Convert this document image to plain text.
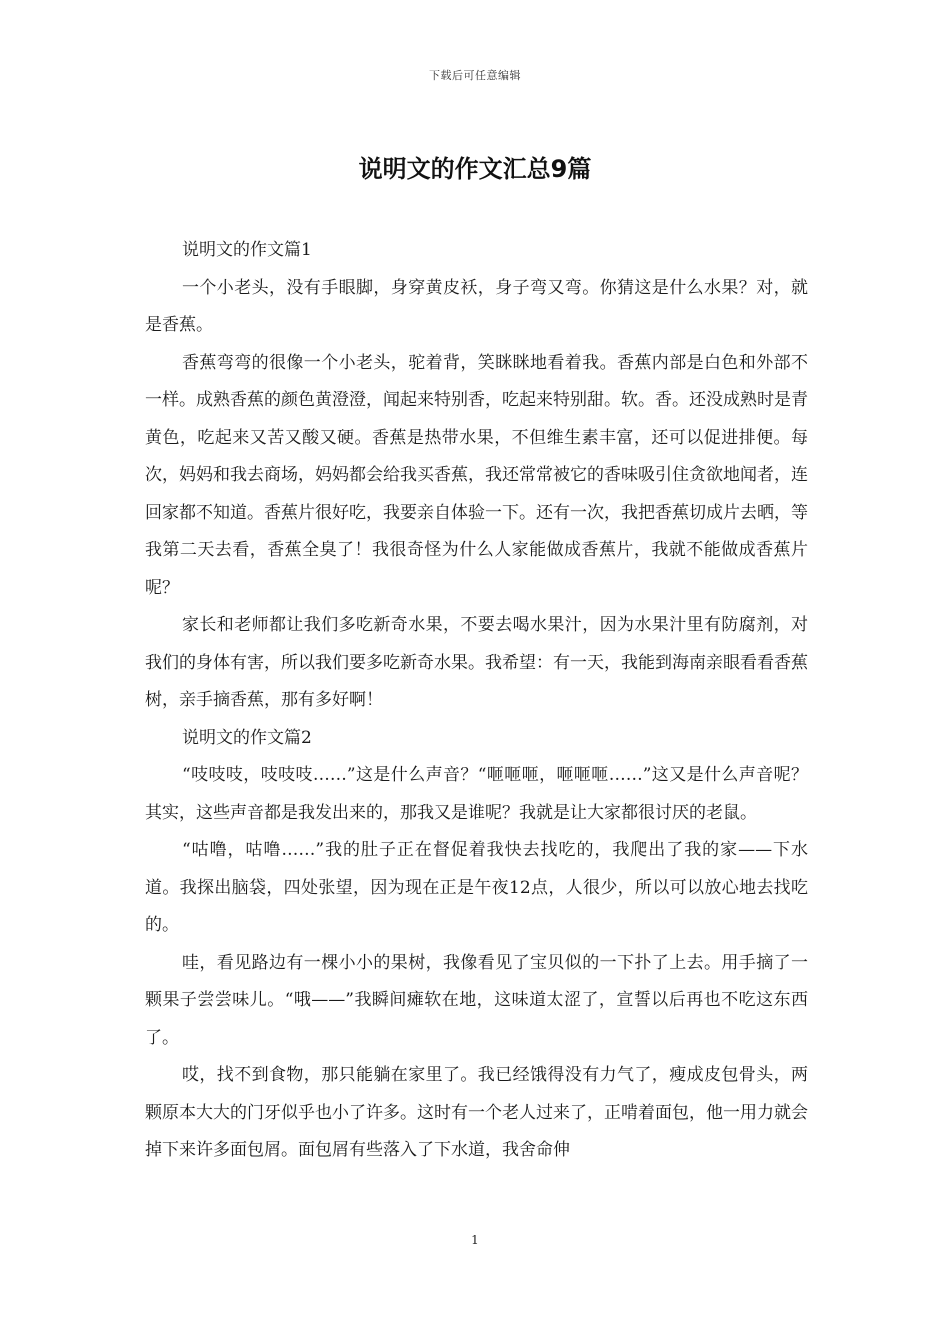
下载后可任意编辑
说明文的作文汇总9篇

说明文的作文篇1

一个小老头，没有手眼脚，身穿黄皮袄，身子弯又弯。你猜这是什么水果？对，就是香蕉。

香蕉弯弯的很像一个小老头，驼着背，笑眯眯地看着我。香蕉内部是白色和外部不一样。成熟香蕉的颜色黄澄澄，闻起来特别香，吃起来特别甜。软。香。还没成熟时是青黄色，吃起来又苦又酸又硬。香蕉是热带水果，不但维生素丰富，还可以促进排便。每次，妈妈和我去商场，妈妈都会给我买香蕉，我还常常被它的香味吸引住贪欲地闻者，连回家都不知道。香蕉片很好吃，我要亲自体验一下。还有一次，我把香蕉切成片去晒，等我第二天去看，香蕉全臭了！我很奇怪为什么人家能做成香蕉片，我就不能做成香蕉片呢？

家长和老师都让我们多吃新奇水果，不要去喝水果汁，因为水果汁里有防腐剂，对我们的身体有害，所以我们要多吃新奇水果。我希望：有一天，我能到海南亲眼看看香蕉树，亲手摘香蕉，那有多好啊！

说明文的作文篇2

“吱吱吱，吱吱吱……”这是什么声音？“咂咂咂，咂咂咂……”这又是什么声音呢？其实，这些声音都是我发出来的，那我又是谁呢？我就是让大家都很讨厌的老鼠。

“咕噜，咕噜……”我的肚子正在督促着我快去找吃的，我爬出了我的家——下水道。我探出脑袋，四处张望，因为现在正是午夜12点，人很少，所以可以放心地去找吃的。

哇，看见路边有一棵小小的果树，我像看见了宝贝似的一下扑了上去。用手摘了一颗果子尝尝味儿。“哦——”我瞬间瘫软在地，这味道太涩了，宣誓以后再也不吃这东西了。

哎，找不到食物，那只能躺在家里了。我已经饿得没有力气了，瘦成皮包骨头，两颗原本大大的门牙似乎也小了许多。这时有一个老人过来了，正啃着面包，他一用力就会掉下来许多面包屑。面包屑有些落入了下水道，我舍命伸

1
